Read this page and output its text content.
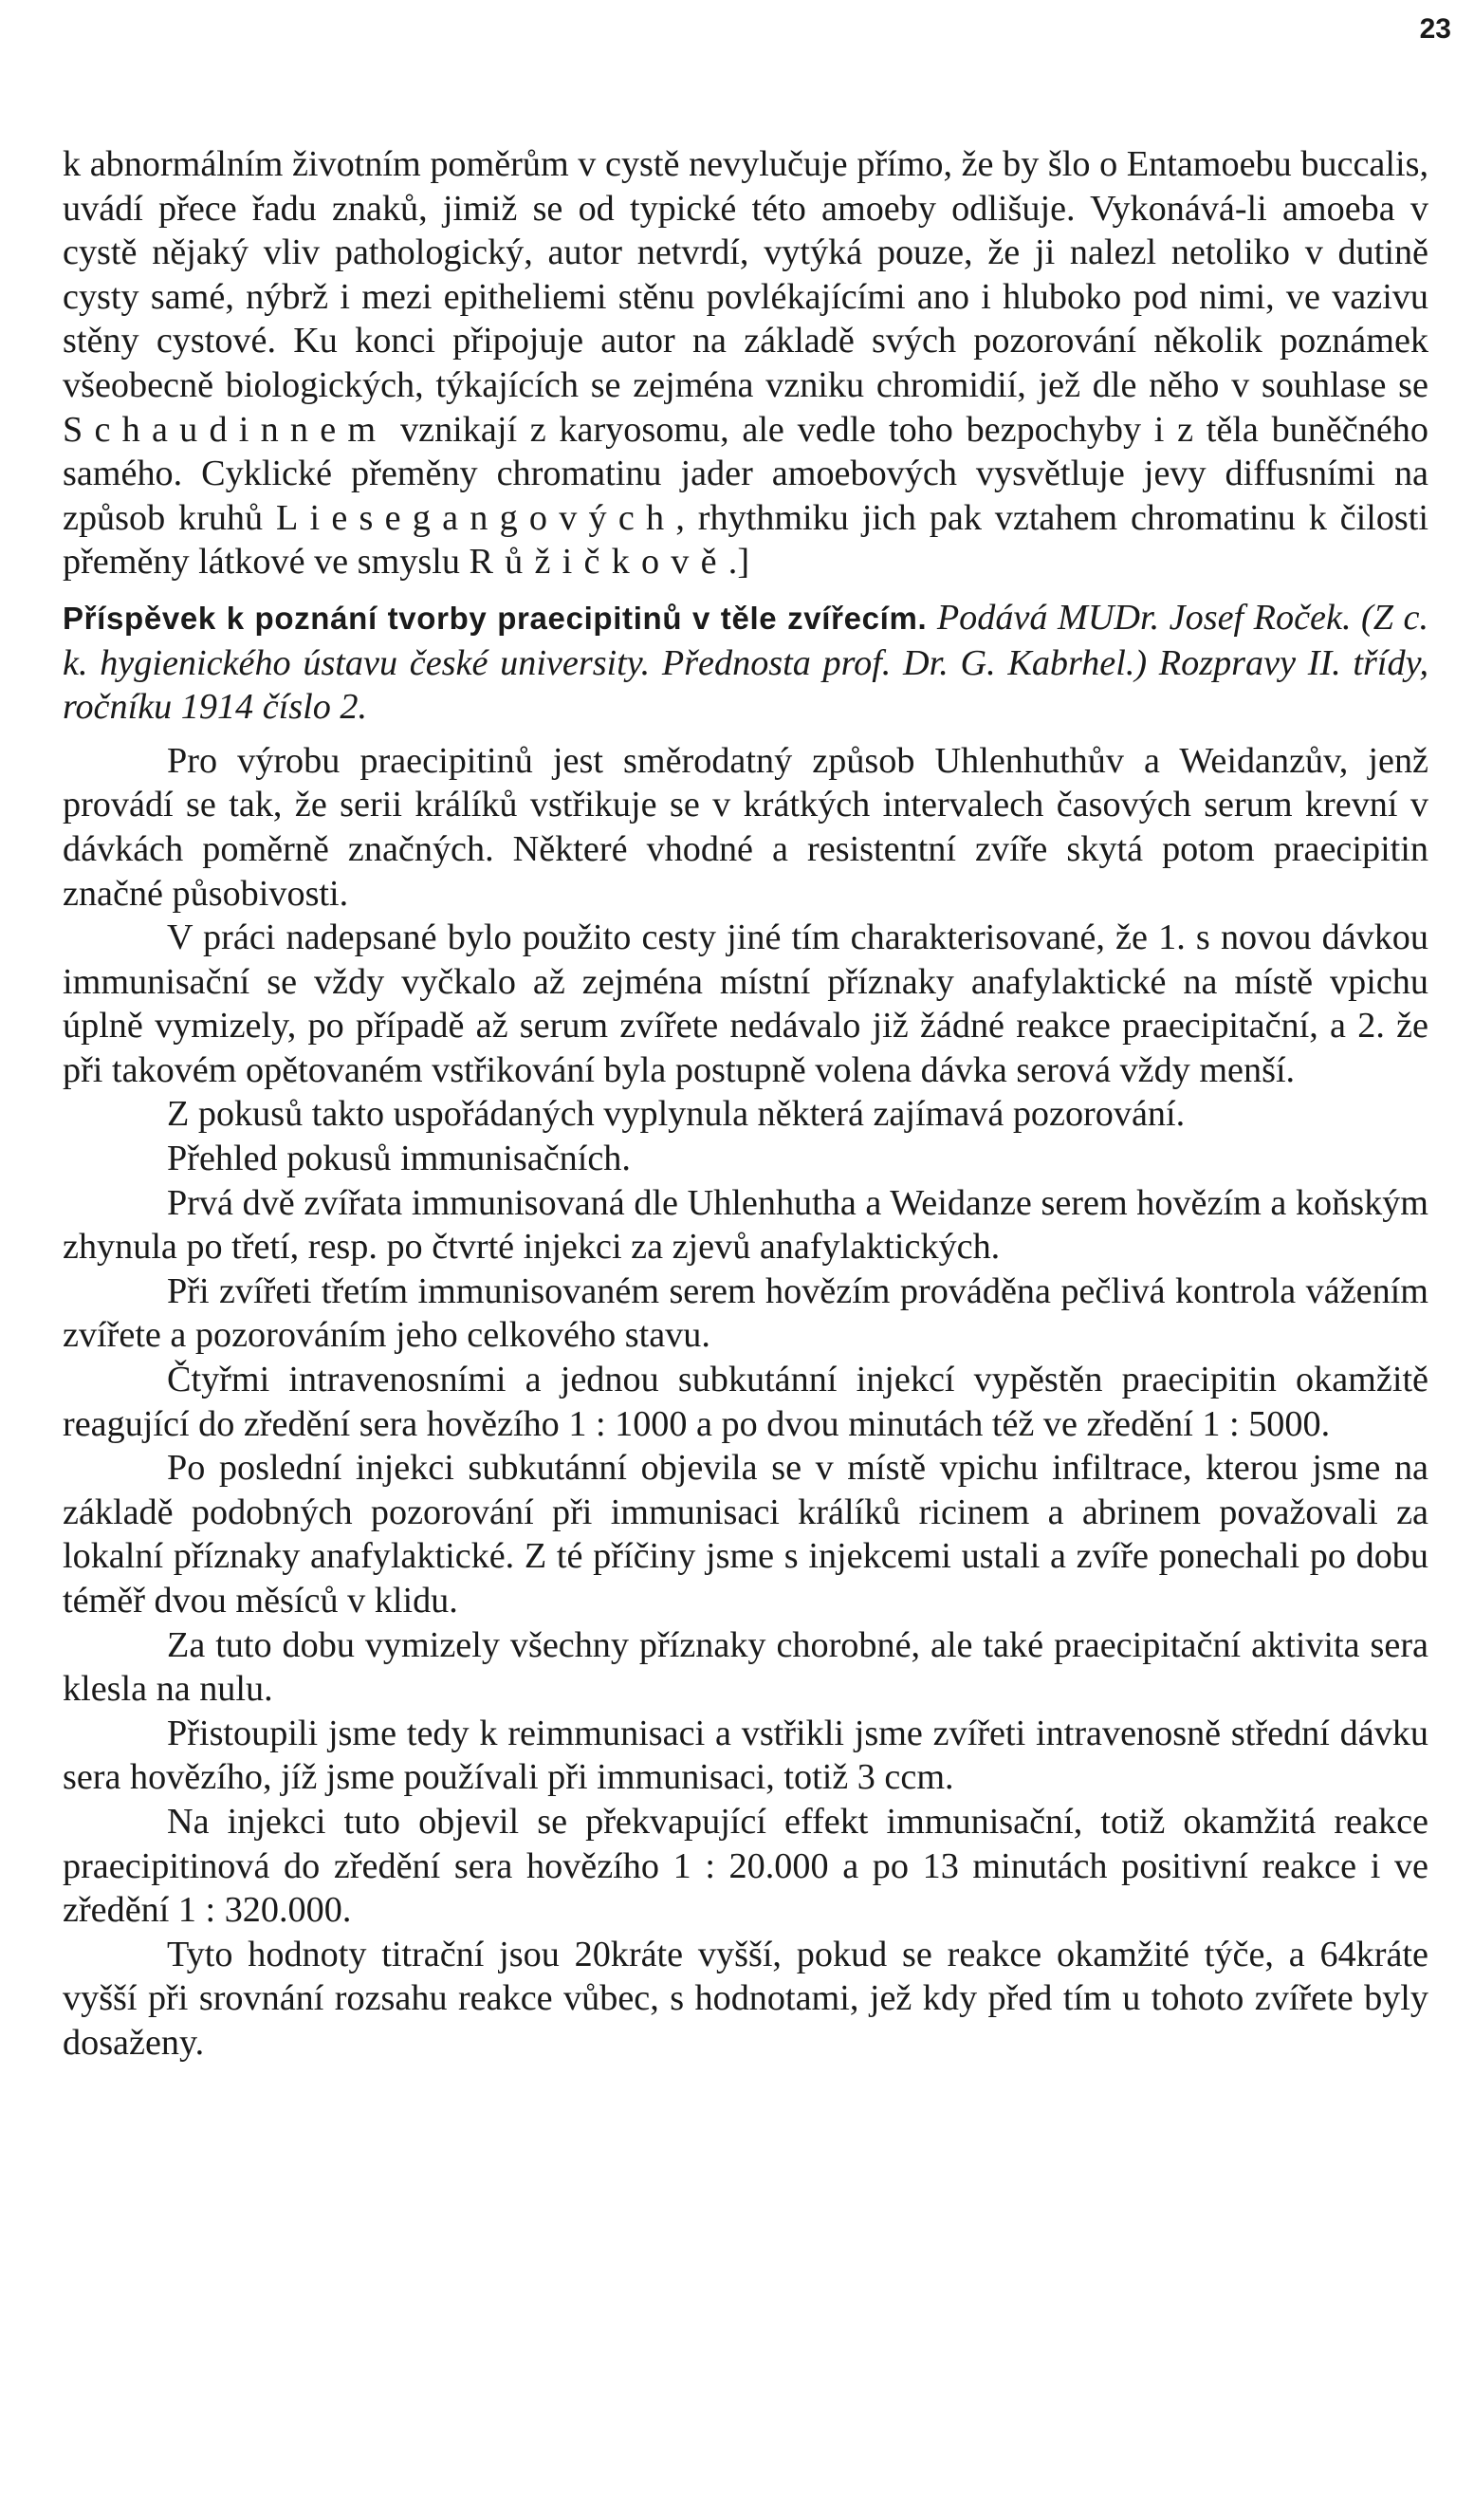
23

k abnormálním životním poměrům v cystě nevylučuje přímo, že by šlo o Entamoebu buccalis, uvádí přece řadu znaků, jimiž se od typické této amoeby odlišuje. Vykonává-li amoeba v cystě nějaký vliv pathologický, autor netvrdí, vytýká pouze, že ji nalezl netoliko v dutině cysty samé, nýbrž i mezi epitheliemi stěnu povlékajícími ano i hluboko pod nimi, ve vazivu stěny cystové. Ku konci připojuje autor na základě svých pozorování několik poznámek všeobecně biologických, týkajících se zejména vzniku chromidií, jež dle něho v souhlase se Schaudinnem vznikají z karyosomu, ale vedle toho bezpochyby i z těla buněčného samého. Cyklické přeměny chromatinu jader amoebových vysvětluje jevy diffusními na způsob kruhů Liesegangových, rhythmiku jich pak vztahem chromatinu k čilosti přeměny látkové ve smyslu Růžičkově.]

Příspěvek k poznání tvorby praecipitinů v těle zvířecím. Podává MUDr. Josef Roček. (Z c. k. hygienického ústavu české university. Přednosta prof. Dr. G. Kabrhel.) Rozpravy II. třídy, ročníku 1914 číslo 2.

Pro výrobu praecipitinů jest směrodatný způsob Uhlenhuthův a Weidanzův, jenž provádí se tak, že serii králíků vstřikuje se v krátkých intervalech časových serum krevní v dávkách poměrně značných. Některé vhodné a resistentní zvíře skytá potom praecipitin značné působivosti.

V práci nadepsané bylo použito cesty jiné tím charakterisované, že 1. s novou dávkou immunisační se vždy vyčkalo až zejména místní příznaky anafylaktické na místě vpichu úplně vymizely, po případě až serum zvířete nedávalo již žádné reakce praecipitační, a 2. že při takovém opětovaném vstřikování byla postupně volena dávka serová vždy menší.

Z pokusů takto uspořádaných vyplynula některá zajímavá pozorování.

Přehled pokusů immunisačních.

Prvá dvě zvířata immunisovaná dle Uhlenhutha a Weidanze serem hovězím a koňským zhynula po třetí, resp. po čtvrté injekci za zjevů anafylaktických.

Při zvířeti třetím immunisovaném serem hovězím prováděna pečlivá kontrola vážením zvířete a pozorováním jeho celkového stavu.

Čtyřmi intravenosními a jednou subkutánní injekcí vypěstěn praecipitin okamžitě reagující do zředění sera hovězího 1 : 1000 a po dvou minutách též ve zředění 1 : 5000.

Po poslední injekci subkutánní objevila se v místě vpichu infiltrace, kterou jsme na základě podobných pozorování při immunisaci králíků ricinem a abrinem považovali za lokalní příznaky anafylaktické. Z té příčiny jsme s injekcemi ustali a zvíře ponechali po dobu téměř dvou měsíců v klidu.

Za tuto dobu vymizely všechny příznaky chorobné, ale také praecipitační aktivita sera klesla na nulu.

Přistoupili jsme tedy k reimmunisaci a vstřikli jsme zvířeti intravenosně střední dávku sera hovězího, jíž jsme používali při immunisaci, totiž 3 ccm.

Na injekci tuto objevil se překvapující effekt immunisační, totiž okamžitá reakce praecipitinová do zředění sera hovězího 1 : 20.000 a po 13 minutách positivní reakce i ve zředění 1 : 320.000.

Tyto hodnoty titrační jsou 20kráte vyšší, pokud se reakce okamžité týče, a 64kráte vyšší při srovnání rozsahu reakce vůbec, s hodnotami, jež kdy před tím u tohoto zvířete byly dosaženy.
